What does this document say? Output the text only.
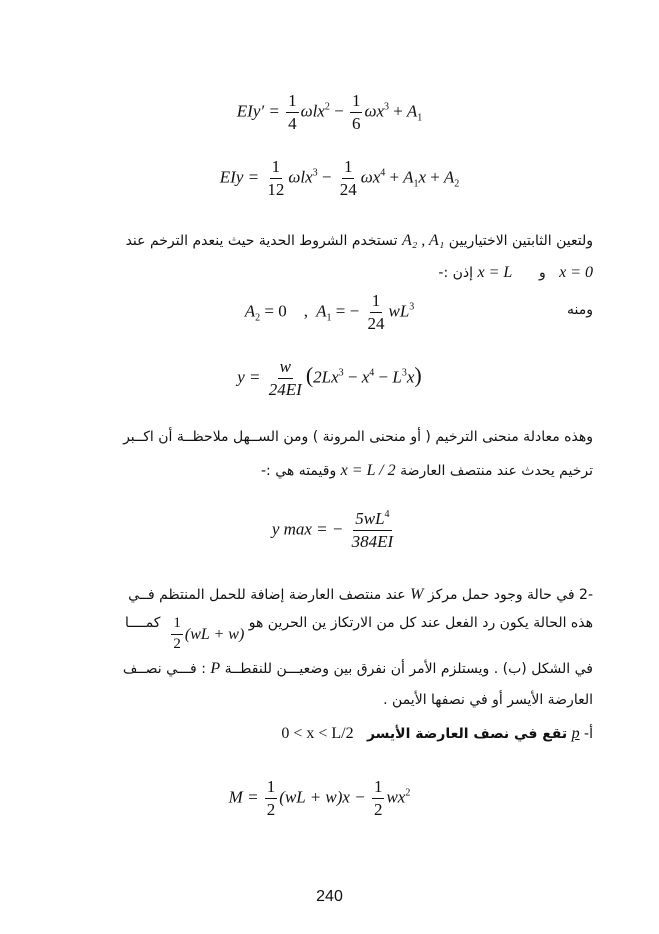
$EIy' = \frac{1}{4} \omega lx^2 - \frac{1}{6} \omega x^3 + A_1$
EIy = $\frac{1}{12} \omega lx^3 - \frac{1}{24} \omega x^4 + A_1x + A_2$
ولتعين الثابتين الاختياريين A₂ , A₁ تستخدم الشروط الحدية حيث ينعدم الترخم عند
x = 0   و      x = L إذن :-
$A_2 = 0$ , $A_1$ = − $\frac{1}{24} wL^3$	ومنه
$y = \frac{w}{24EI} (2Lx^3 - x^4 - L^3x)$
وهذه معادلة منحنى الترخيم ( أو منحنى المرونة ) ومن الســهل ملاحظــة أن اكــبر
ترخيم يحدث عند منتصف العارضة x = L / 2 وقيمته هي :-
y max = − $\frac{5wL^4}{384EI}$
-2 في حالة وجود حمل مركز W عند منتصف العارضة إضافة للحمل المنتظم فــي
هذه الحالة يكون رد الفعل عند كل من الارتكاز ين الحرين هو
$\frac{1}{2} (wL + w)$
كمــــا
في الشكل (ب) . ويستلزم الأمر أن نفرق بين وضعيـــن للنقطــة P : فـــي نصــف
العارضة الأيسر أو في نصفها الأيمن .
أ- p تقع في نصف العارضة الأيسر   0 < x < L/2
$M = \frac{1}{2} (wL + w)x - \frac{1}{2} wx^2$
240
